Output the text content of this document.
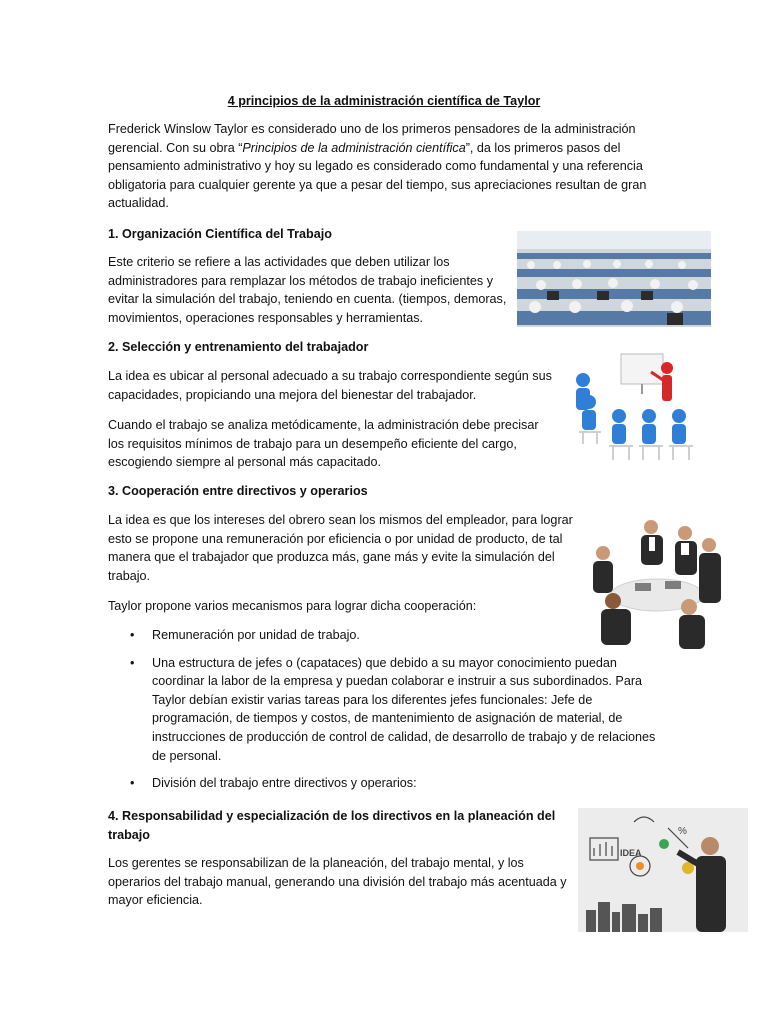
4 principios de la administración científica de Taylor

Frederick Winslow Taylor es considerado uno de los primeros pensadores de la administración gerencial. Con su obra “Principios de la administración científica”, da los primeros pasos del pensamiento administrativo y hoy su legado es considerado como fundamental y una referencia obligatoria para cualquier gerente ya que a pesar del tiempo, sus apreciaciones resultan de gran actualidad.

1. Organización Científica del Trabajo

Este criterio se refiere a las actividades que deben utilizar los administradores para remplazar los métodos de trabajo ineficientes y evitar la simulación del trabajo, teniendo en cuenta. (tiempos, demoras, movimientos, operaciones responsables y herramientas.

2. Selección y entrenamiento del trabajador

La idea es ubicar al personal adecuado a su trabajo correspondiente según sus capacidades, propiciando una mejora del bienestar del trabajador.

Cuando el trabajo se analiza metódicamente, la administración debe precisar los requisitos mínimos de trabajo para un desempeño eficiente del cargo, escogiendo siempre al personal más capacitado.

3. Cooperación entre directivos y operarios

La idea es que los intereses del obrero sean los mismos del empleador, para lograr esto se propone una remuneración por eficiencia o por unidad de producto, de tal manera que el trabajador que produzca más, gane más y evite la simulación del trabajo.

Taylor propone varios mecanismos para lograr dicha cooperación:

• Remuneración por unidad de trabajo.
• Una estructura de jefes o (capataces) que debido a su mayor conocimiento puedan coordinar la labor de la empresa y puedan colaborar e instruir a sus subordinados. Para Taylor debían existir varias tareas para los diferentes jefes funcionales: Jefe de programación, de tiempos y costos, de mantenimiento de asignación de material, de instrucciones de producción de control de calidad, de desarrollo de trabajo y de relaciones de personal.
• División del trabajo entre directivos y operarios:

4. Responsabilidad y especialización de los directivos en la planeación del trabajo

Los gerentes se responsabilizan de la planeación, del trabajo mental, y los operarios del trabajo manual, generando una división del trabajo más acentuada y mayor eficiencia.

IDEA
%
